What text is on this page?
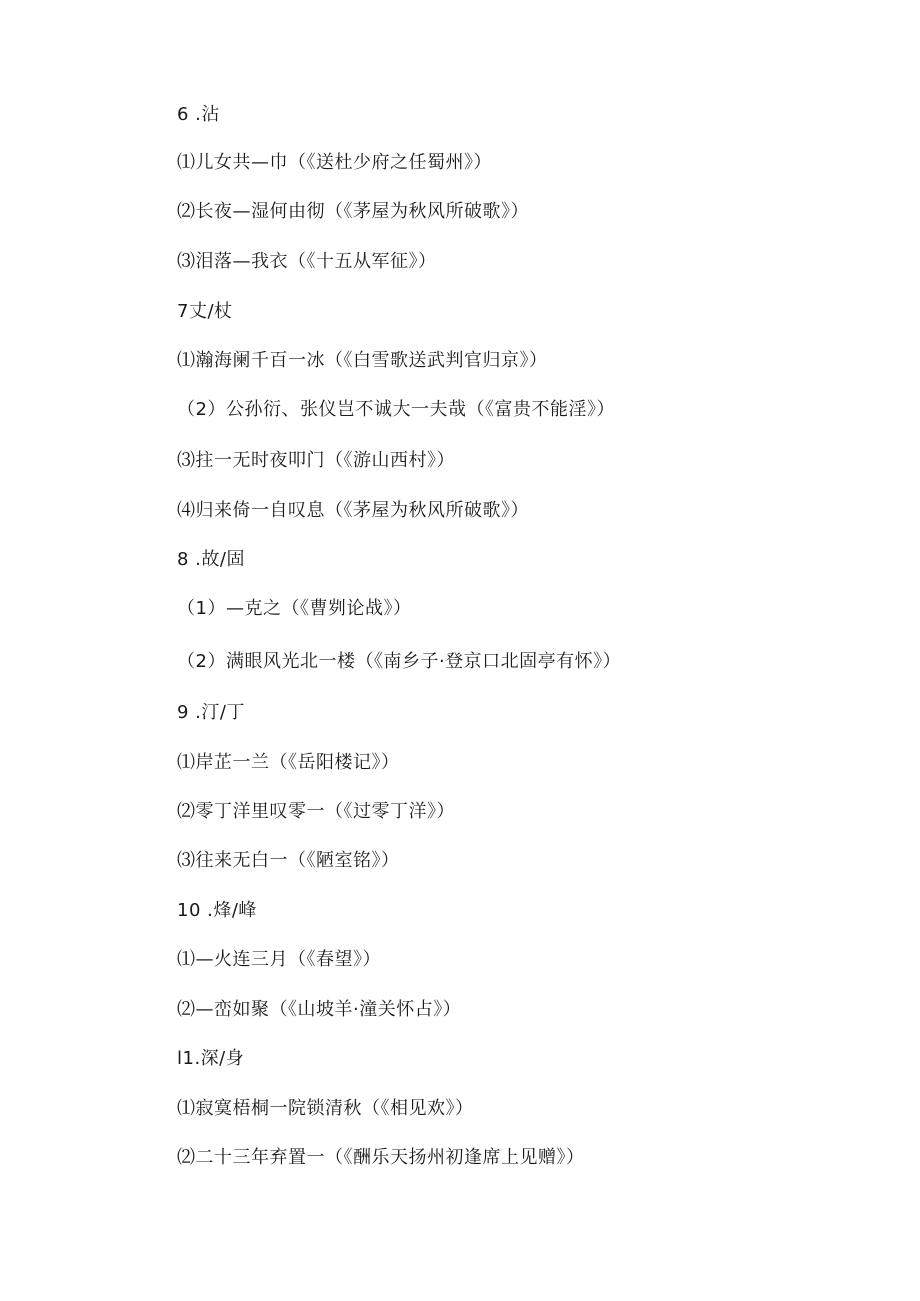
6 .沾
⑴儿女共—巾（《送杜少府之任蜀州》）
⑵长夜—湿何由彻（《茅屋为秋风所破歌》）
⑶泪落—我衣（《十五从军征》）
7丈/杖
⑴瀚海阑千百一冰（《白雪歌送武判官归京》）
（2）公孙衍、张仪岂不诚大一夫哉（《富贵不能淫》）
⑶拄一无时夜叩门（《游山西村》）
⑷归来倚一自叹息（《茅屋为秋风所破歌》）
8 .故/固
（1）—克之（《曹刿论战》）
（2）满眼风光北一楼（《南乡子·登京口北固亭有怀》）
9 .汀/丁
⑴岸芷一兰（《岳阳楼记》）
⑵零丁洋里叹零一（《过零丁洋》）
⑶往来无白一（《陋室铭》）
10 .烽/峰
⑴—火连三月（《春望》）
⑵—峦如聚（《山坡羊·潼关怀占》）
l1.深/身
⑴寂寞梧桐一院锁清秋（《相见欢》）
⑵二十三年弃置一（《酬乐天扬州初逢席上见赠》）
